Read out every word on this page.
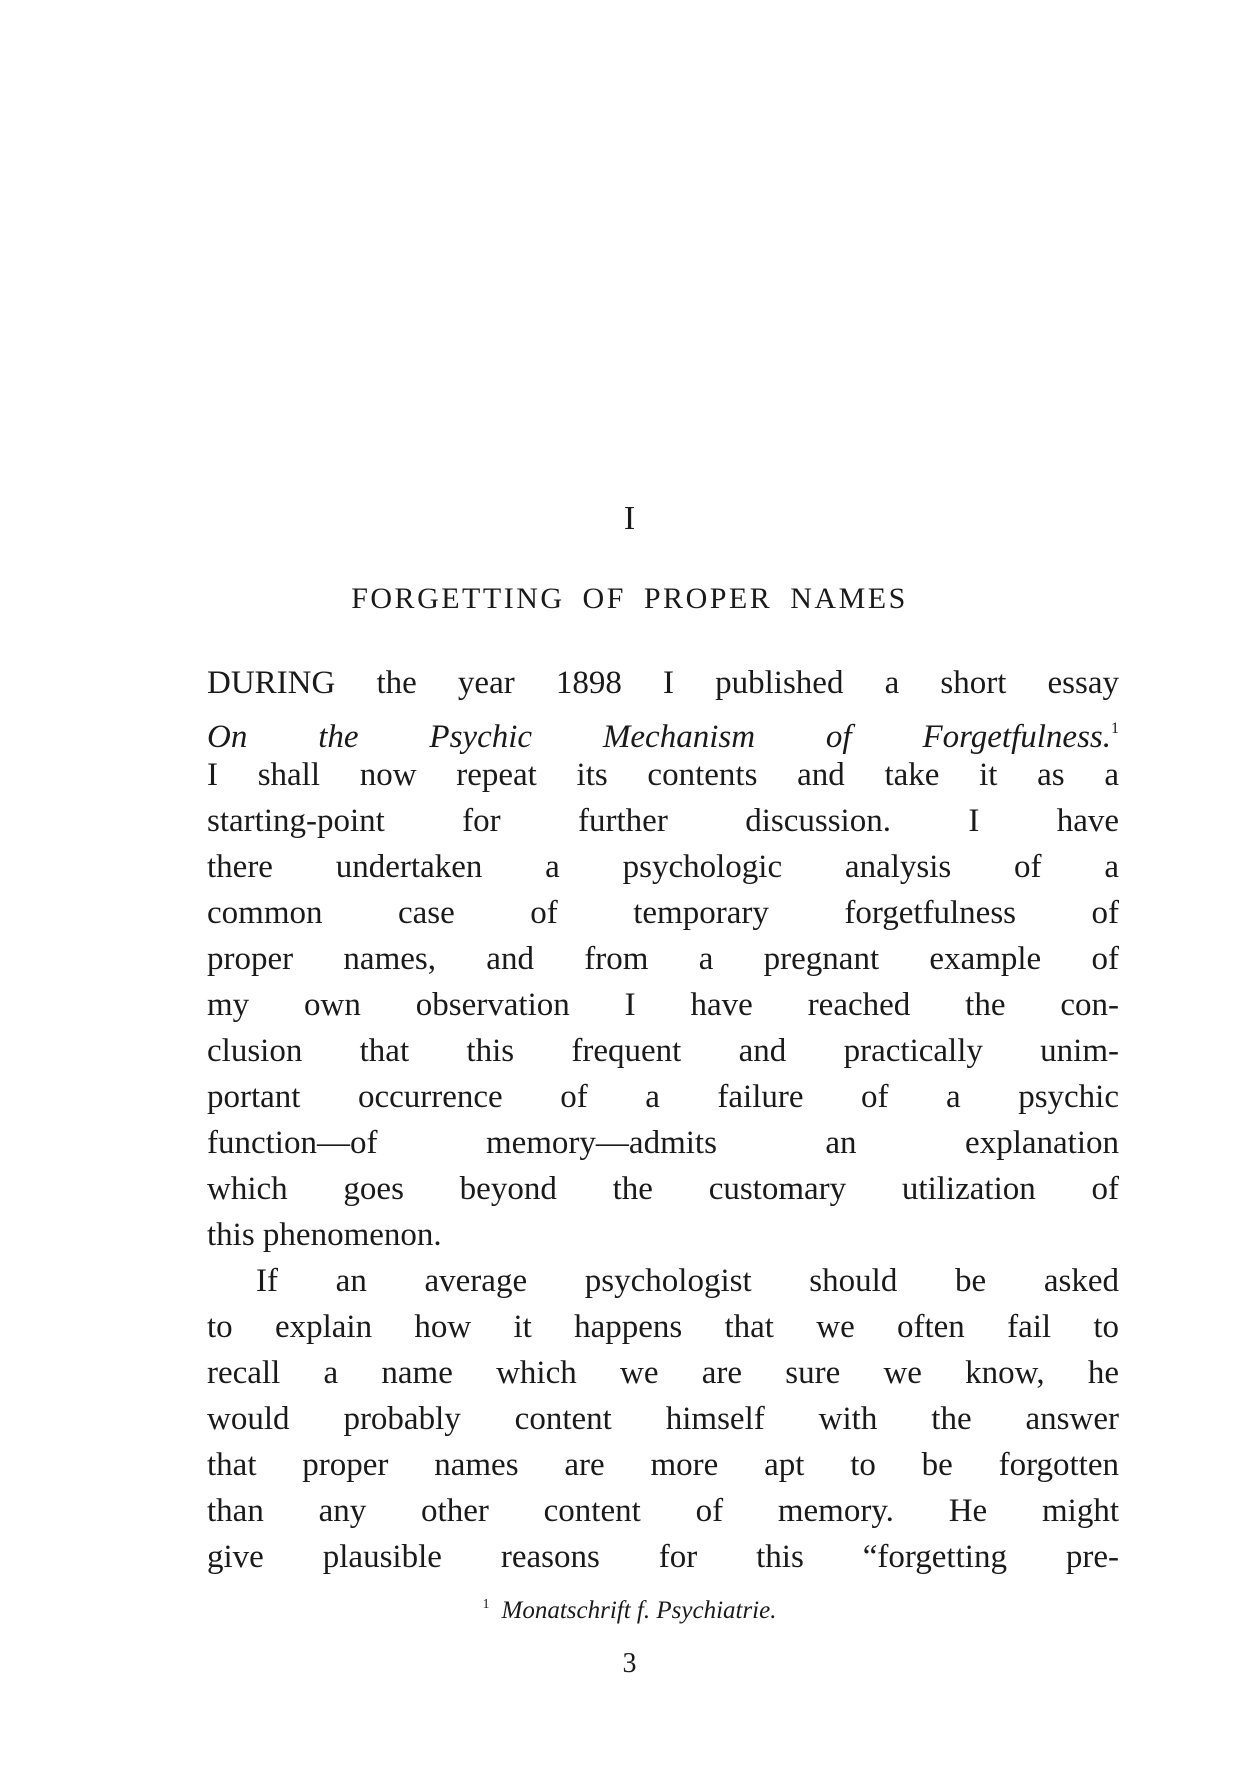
I
FORGETTING OF PROPER NAMES
DURING the year 1898 I published a short essay
On the Psychic Mechanism of Forgetfulness.$^1$
I shall now repeat its contents and take it as a
starting-point for further discussion. I have
there undertaken a psychologic analysis of a
common case of temporary forgetfulness of
proper names, and from a pregnant example of
my own observation I have reached the con-
clusion that this frequent and practically unim-
portant occurrence of a failure of a psychic
function—of memory—admits an explanation
which goes beyond the customary utilization of
this phenomenon.
If an average psychologist should be asked
to explain how it happens that we often fail to
recall a name which we are sure we know, he
would probably content himself with the answer
that proper names are more apt to be forgotten
than any other content of memory. He might
give plausible reasons for this “forgetting pre-
$^1$ Monatschrift f. Psychiatrie.
3
